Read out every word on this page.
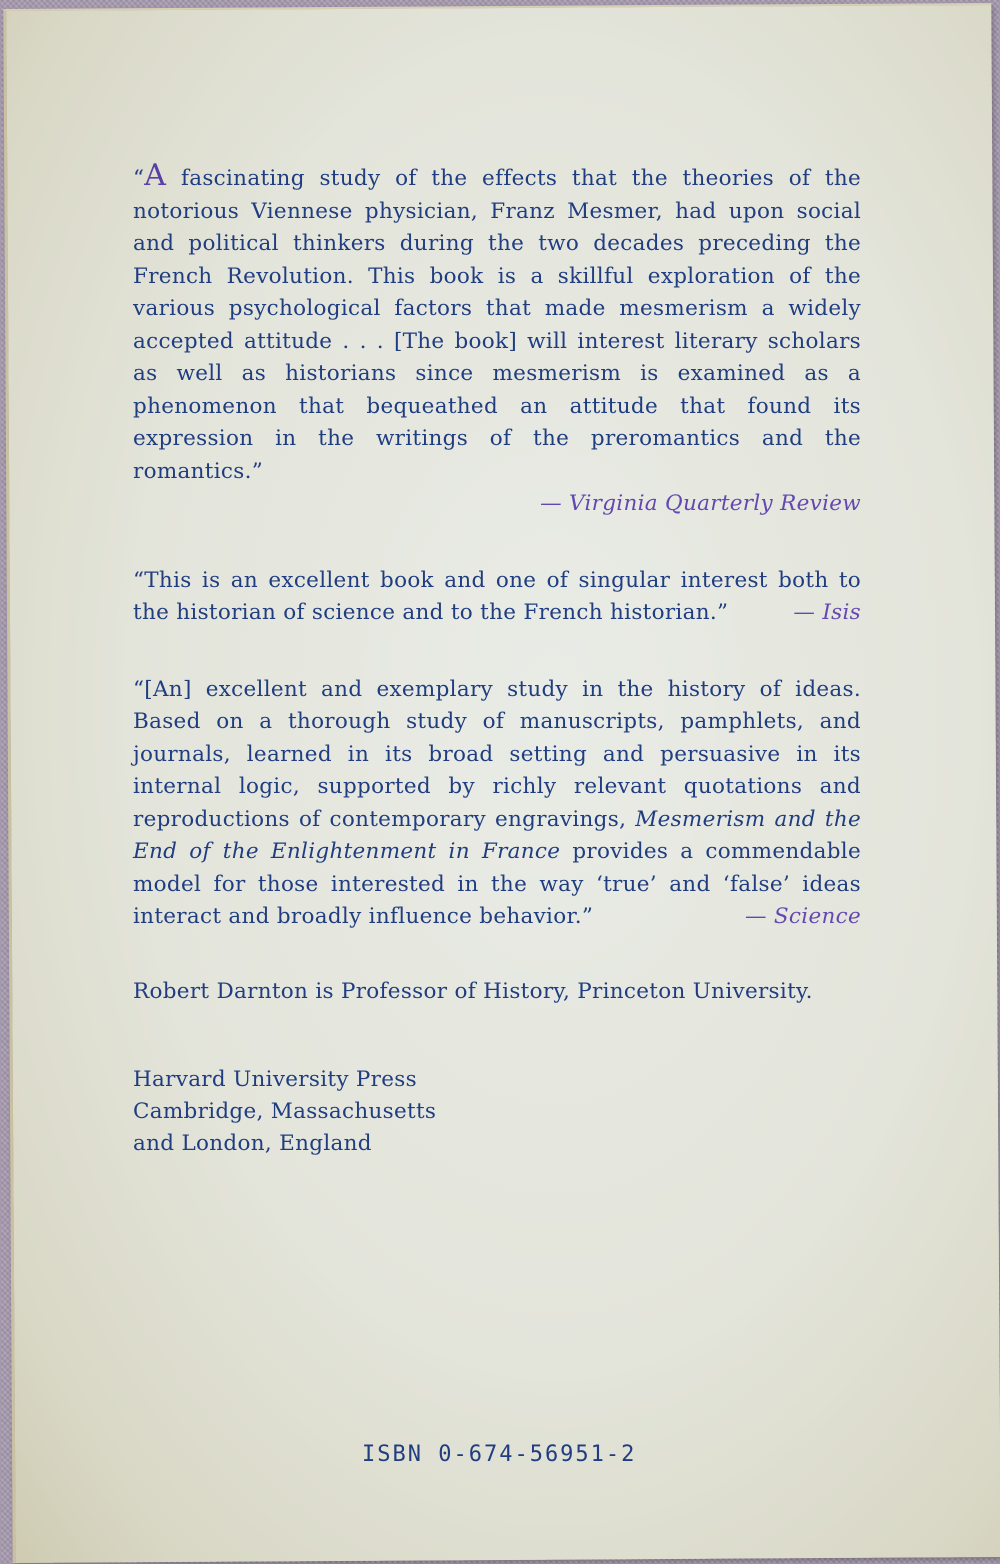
“A fascinating study of the effects that the theories of the notorious Viennese physician, Franz Mesmer, had upon social and political thinkers during the two decades preceding the French Revolution. This book is a skillful exploration of the various psychological factors that made mesmerism a widely accepted attitude . . . [The book] will interest literary scholars as well as historians since mesmerism is examined as a phenomenon that bequeathed an attitude that found its expression in the writings of the preromantics and the romantics.”
— Virginia Quarterly Review
“This is an excellent book and one of singular interest both to the historian of science and to the French historian.”	— Isis
“[An] excellent and exemplary study in the history of ideas. Based on a thorough study of manuscripts, pamphlets, and journals, learned in its broad setting and persuasive in its internal logic, supported by richly relevant quotations and reproductions of contemporary engravings, Mesmerism and the End of the Enlightenment in France provides a commendable model for those interested in the way ‘true’ and ‘false’ ideas interact and broadly influence behavior.”	— Science
Robert Darnton is Professor of History, Princeton University.
Harvard University Press
Cambridge, Massachusetts
and London, England
ISBN 0-674-56951-2
